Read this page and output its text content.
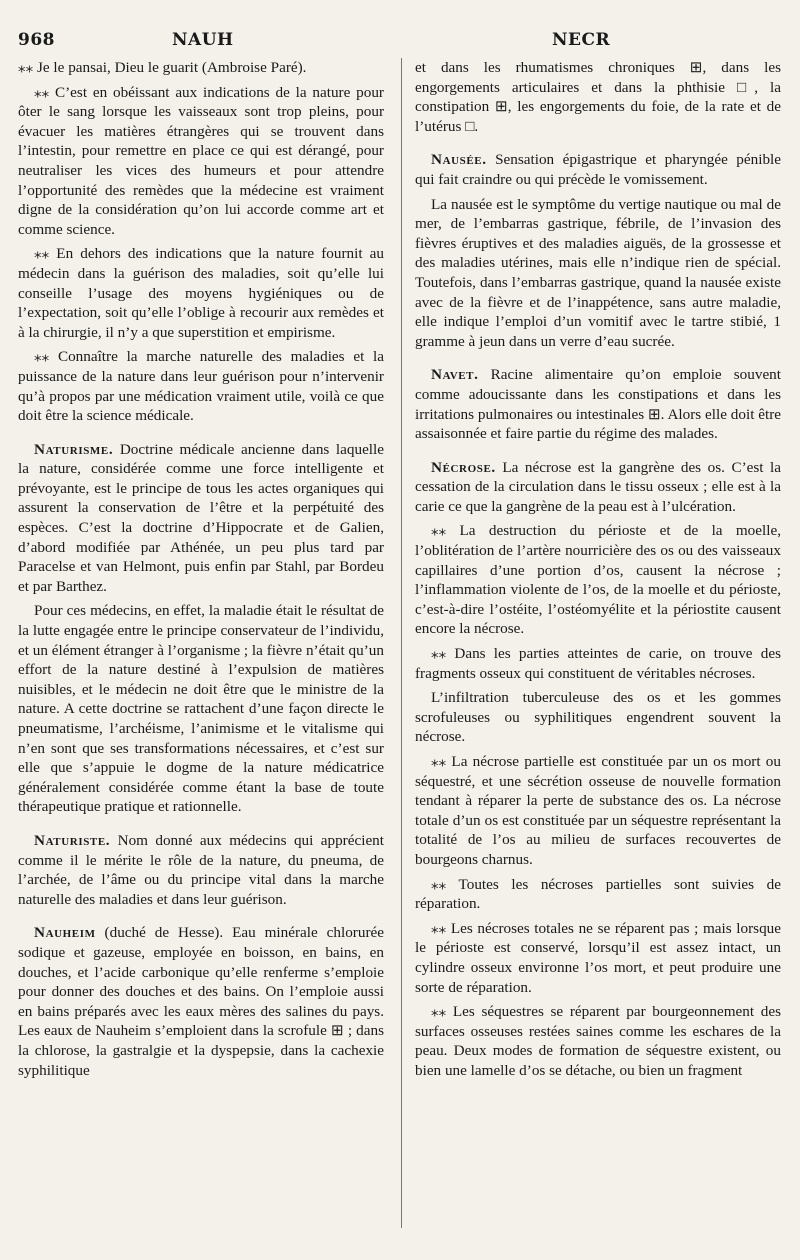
968	NAUH	NECR

⁎⁎ Je le pansai, Dieu le guarit (Ambroise Paré).

⁎⁎ C’est en obéissant aux indications de la nature pour ôter le sang lorsque les vaisseaux sont trop pleins, pour évacuer les matières étrangères qui se trouvent dans l’intestin, pour remettre en place ce qui est dérangé, pour neutraliser les vices des humeurs et pour attendre l’opportunité des remèdes que la médecine est vraiment digne de la considération qu’on lui accorde comme art et comme science.

⁎⁎ En dehors des indications que la nature fournit au médecin dans la guérison des maladies, soit qu’elle lui conseille l’usage des moyens hygiéniques ou de l’expectation, soit qu’elle l’oblige à recourir aux remèdes et à la chirurgie, il n’y a que superstition et empirisme.

⁎⁎ Connaître la marche naturelle des maladies et la puissance de la nature dans leur guérison pour n’intervenir qu’à propos par une médication vraiment utile, voilà ce que doit être la science médicale.

Naturisme. Doctrine médicale ancienne dans laquelle la nature, considérée comme une force intelligente et prévoyante, est le principe de tous les actes organiques qui assurent la conservation de l’être et la perpétuité des espèces. C’est la doctrine d’Hippocrate et de Galien, d’abord modifiée par Athénée, un peu plus tard par Paracelse et van Helmont, puis enfin par Stahl, par Bordeu et par Barthez.

Pour ces médecins, en effet, la maladie était le résultat de la lutte engagée entre le principe conservateur de l’individu, et un élément étranger à l’organisme ; la fièvre n’était qu’un effort de la nature destiné à l’expulsion de matières nuisibles, et le médecin ne doit être que le ministre de la nature. A cette doctrine se rattachent d’une façon directe le pneumatisme, l’archéisme, l’animisme et le vitalisme qui n’en sont que ses transformations nécessaires, et c’est sur elle que s’appuie le dogme de la nature médicatrice généralement considérée comme étant la base de toute thérapeutique pratique et rationnelle.

Naturiste. Nom donné aux médecins qui apprécient comme il le mérite le rôle de la nature, du pneuma, de l’archée, de l’âme ou du principe vital dans la marche naturelle des maladies et dans leur guérison.

Nauheim (duché de Hesse). Eau minérale chlorurée sodique et gazeuse, employée en boisson, en bains, en douches, et l’acide carbonique qu’elle renferme s’emploie pour donner des douches et des bains. On l’emploie aussi en bains préparés avec les eaux mères des salines du pays. Les eaux de Nauheim s’emploient dans la scrofule ⊞ ; dans la chlorose, la gastralgie et la dyspepsie, dans la cachexie syphilitique

et dans les rhumatismes chroniques ⊞, dans les engorgements articulaires et dans la phthisie □, la constipation ⊞, les engorgements du foie, de la rate et de l’utérus □.

Nausée. Sensation épigastrique et pharyngée pénible qui fait craindre ou qui précède le vomissement.

La nausée est le symptôme du vertige nautique ou mal de mer, de l’embarras gastrique, fébrile, de l’invasion des fièvres éruptives et des maladies aiguës, de la grossesse et des maladies utérines, mais elle n’indique rien de spécial. Toutefois, dans l’embarras gastrique, quand la nausée existe avec de la fièvre et de l’inappétence, sans autre maladie, elle indique l’emploi d’un vomitif avec le tartre stibié, 1 gramme à jeun dans un verre d’eau sucrée.

Navet. Racine alimentaire qu’on emploie souvent comme adoucissante dans les constipations et dans les irritations pulmonaires ou intestinales ⊞. Alors elle doit être assaisonnée et faire partie du régime des malades.

Nécrose. La nécrose est la gangrène des os. C’est la cessation de la circulation dans le tissu osseux ; elle est à la carie ce que la gangrène de la peau est à l’ulcération.

⁎⁎ La destruction du périoste et de la moelle, l’oblitération de l’artère nourricière des os ou des vaisseaux capillaires d’une portion d’os, causent la nécrose ; l’inflammation violente de l’os, de la moelle et du périoste, c’est-à-dire l’ostéite, l’ostéomyélite et la périostite causent encore la nécrose.

⁎⁎ Dans les parties atteintes de carie, on trouve des fragments osseux qui constituent de véritables nécroses.

L’infiltration tuberculeuse des os et les gommes scrofuleuses ou syphilitiques engendrent souvent la nécrose.

⁎⁎ La nécrose partielle est constituée par un os mort ou séquestré, et une sécrétion osseuse de nouvelle formation tendant à réparer la perte de substance des os. La nécrose totale d’un os est constituée par un séquestre représentant la totalité de l’os au milieu de surfaces recouvertes de bourgeons charnus.

⁎⁎ Toutes les nécroses partielles sont suivies de réparation.

⁎⁎ Les nécroses totales ne se réparent pas ; mais lorsque le périoste est conservé, lorsqu’il est assez intact, un cylindre osseux environne l’os mort, et peut produire une sorte de réparation.

⁎⁎ Les séquestres se réparent par bourgeonnement des surfaces osseuses restées saines comme les eschares de la peau. Deux modes de formation de séquestre existent, ou bien une lamelle d’os se détache, ou bien un fragment
